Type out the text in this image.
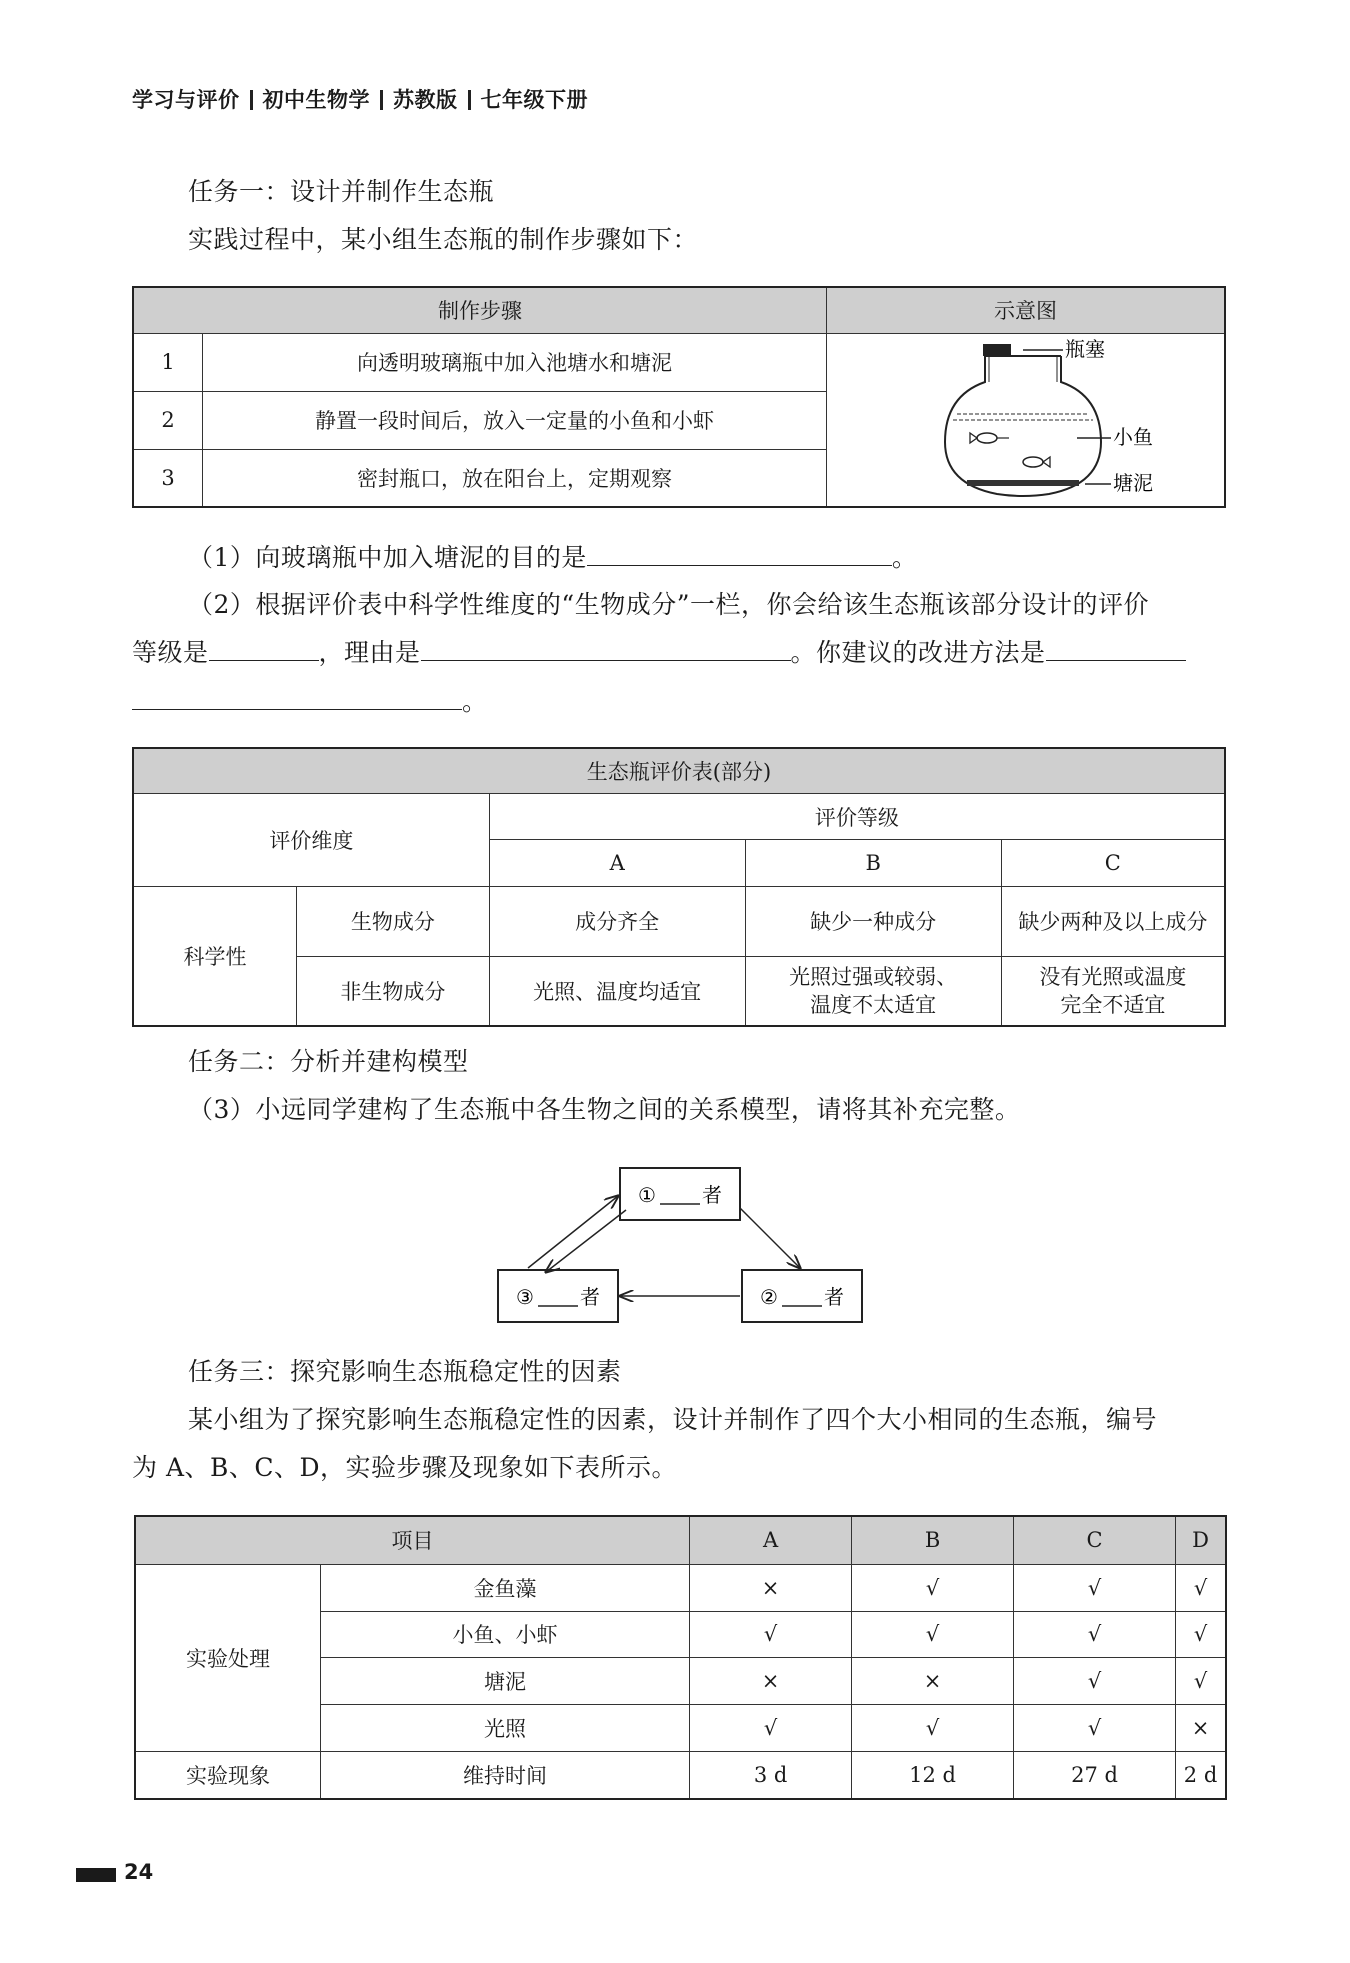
学习与评价 初中生物学 苏教版 七年级下册
任务一：设计并制作生态瓶
实践过程中，某小组生态瓶的制作步骤如下：
制作步骤		示意图
1	向透明玻璃瓶中加入池塘水和塘泥	瓶塞
小鱼
塘泥

2	静置一段时间后，放入一定量的小鱼和小虾	
3	密封瓶口，放在阳台上，定期观察	
（1）向玻璃瓶中加入塘泥的目的是	。
（2）根据评价表中科学性维度的“生物成分”一栏，你会给该生态瓶该部分设计的评价
等级是	，理由是	。你建议的改进方法是
。
生态瓶评价表(部分)				
评价维度		评价等级		
		A	B	C
科学性	生物成分	成分齐全	缺少一种成分	缺少两种及以上成分
	非生物成分	光照、温度均适宜	光照过强或较弱、
温度不太适宜	没有光照或温度
完全不适宜
任务二：分析并建构模型
（3）小远同学建构了生态瓶中各生物之间的关系模型，请将其补充完整。
① 者
② 者
③ 者
任务三：探究影响生态瓶稳定性的因素
某小组为了探究影响生态瓶稳定性的因素，设计并制作了四个大小相同的生态瓶，编号
为 A、B、C、D，实验步骤及现象如下表所示。
项目		A	B	C	D
实验处理	金鱼藻	×	√	√	√
	小鱼、小虾	√	√	√	√
	塘泥	×	×	√	√
	光照	√	√	√	×
实验现象	维持时间	3 d	12 d	27 d	2 d
24
